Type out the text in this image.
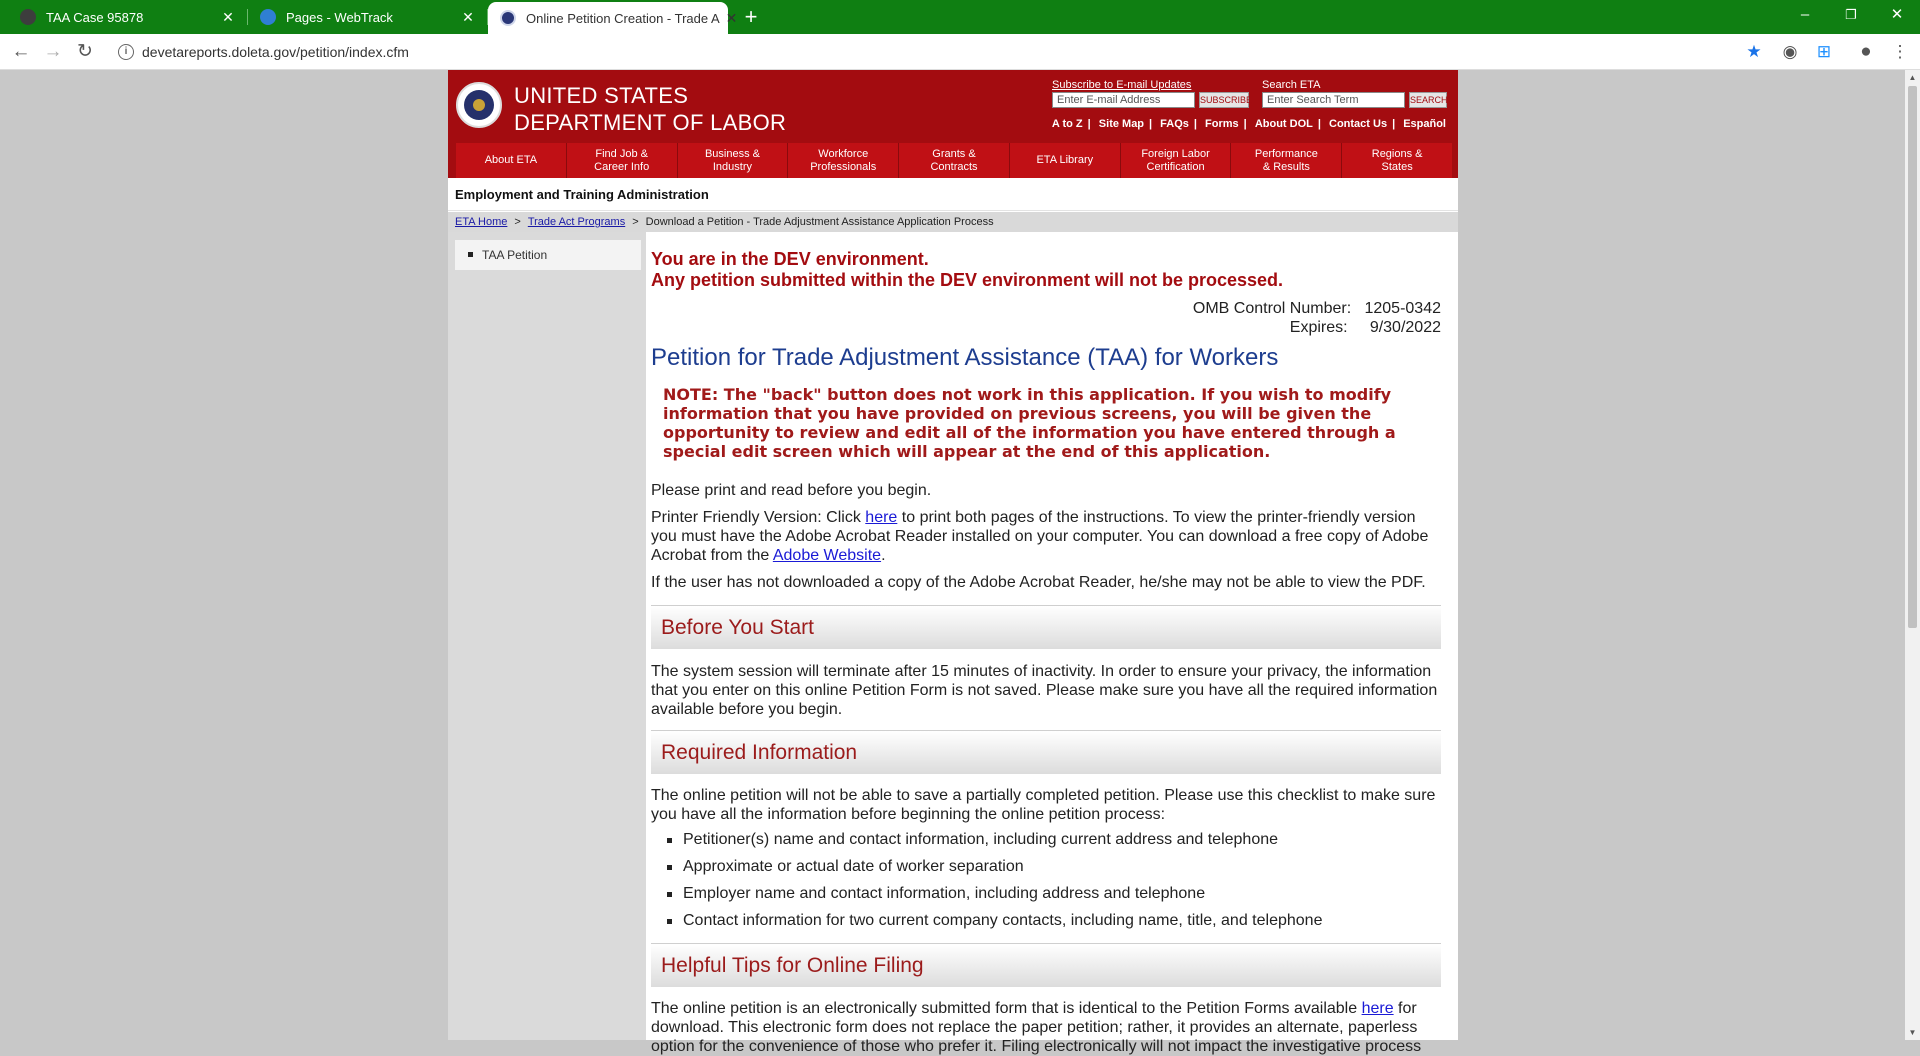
TAA Case 95878	✕	Pages - WebTrack	✕	Online Petition Creation - Trade A ✕ +	–	❐	✕
← → ↻	i	devetareports.doleta.gov/petition/index.cfm	★ ◉ ⊞ ● ⋮
UNITED STATES
DEPARTMENT OF LABOR
Subscribe to E-mail Updates
Enter E-mail Address	SUBSCRIBE
Search ETA
Enter Search Term	SEARCH
A to Z | Site Map | FAQs | Forms | About DOL | Contact Us | Español
About ETA

Find Job &
Career Info
Business &
Industry
Workforce
Professionals
Grants &
Contracts
ETA Library

Foreign Labor
Certification
Performance
& Results
Regions &
States
Employment and Training Administration
ETA Home > Trade Act Programs > Download a Petition - Trade Adjustment Assistance Application Process
TAA Petition	You are in the DEV environment.
Any petition submitted within the DEV environment will not be processed.
OMB Control Number: 1205-0342
Expires: 9/30/2022
Petition for Trade Adjustment Assistance (TAA) for Workers
NOTE: The "back" button does not work in this application. If you wish to modify information that you have provided on previous screens, you will be given the opportunity to review and edit all of the information you have entered through a special edit screen which will appear at the end of this application.
Please print and read before you begin.
Printer Friendly Version: Click here to print both pages of the instructions. To view the printer-friendly version you must have the Adobe Acrobat Reader installed on your computer. You can download a free copy of Adobe Acrobat from the Adobe Website.
If the user has not downloaded a copy of the Adobe Acrobat Reader, he/she may not be able to view the PDF.
Before You Start
The system session will terminate after 15 minutes of inactivity. In order to ensure your privacy, the information that you enter on this online Petition Form is not saved. Please make sure you have all the required information available before you begin.
Required Information
The online petition will not be able to save a partially completed petition. Please use this checklist to make sure you have all the information before beginning the online petition process:
Petitioner(s) name and contact information, including current address and telephone
Approximate or actual date of worker separation
Employer name and contact information, including address and telephone
Contact information for two current company contacts, including name, title, and telephone
Helpful Tips for Online Filing
The online petition is an electronically submitted form that is identical to the Petition Forms available here for download. This electronic form does not replace the paper petition; rather, it provides an alternate, paperless option for the convenience of those who prefer it. Filing electronically will not impact the investigative process
▲
▼
